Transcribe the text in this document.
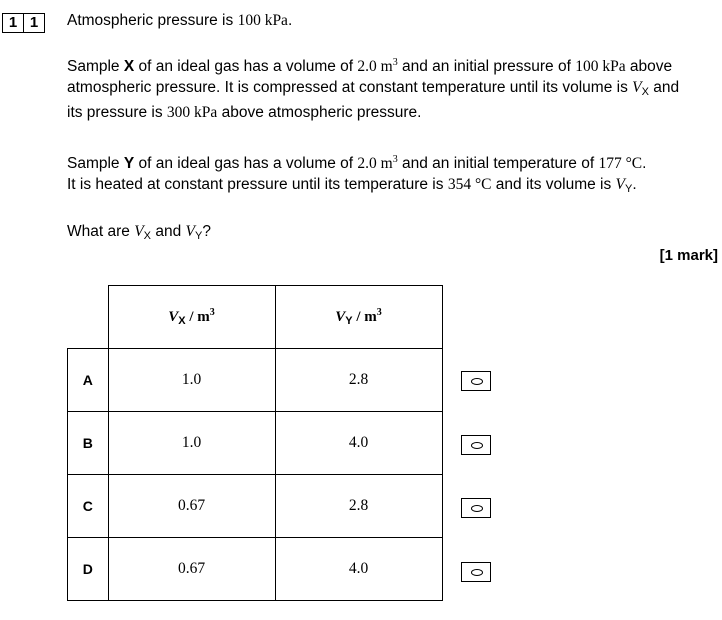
1 1	Atmospheric pressure is 100 kPa.
Sample X of an ideal gas has a volume of 2.0 $m^3$ and an initial pressure of 100 kPa above
atmospheric pressure. It is compressed at constant temperature until its volume is $V_X$ and
its pressure is 300 kPa above atmospheric pressure.
Sample Y of an ideal gas has a volume of 2.0 $m^3$ and an initial temperature of 177 °C.
It is heated at constant pressure until its temperature is 354 °C and its volume is $V_Y$.
What are $V_X$ and $V_Y$?
[1 mark]
	$V_X / m^3$	$V_Y / m^3$
A	1.0	2.8
B	1.0	4.0
C	0.67	2.8
D	0.67	4.0
